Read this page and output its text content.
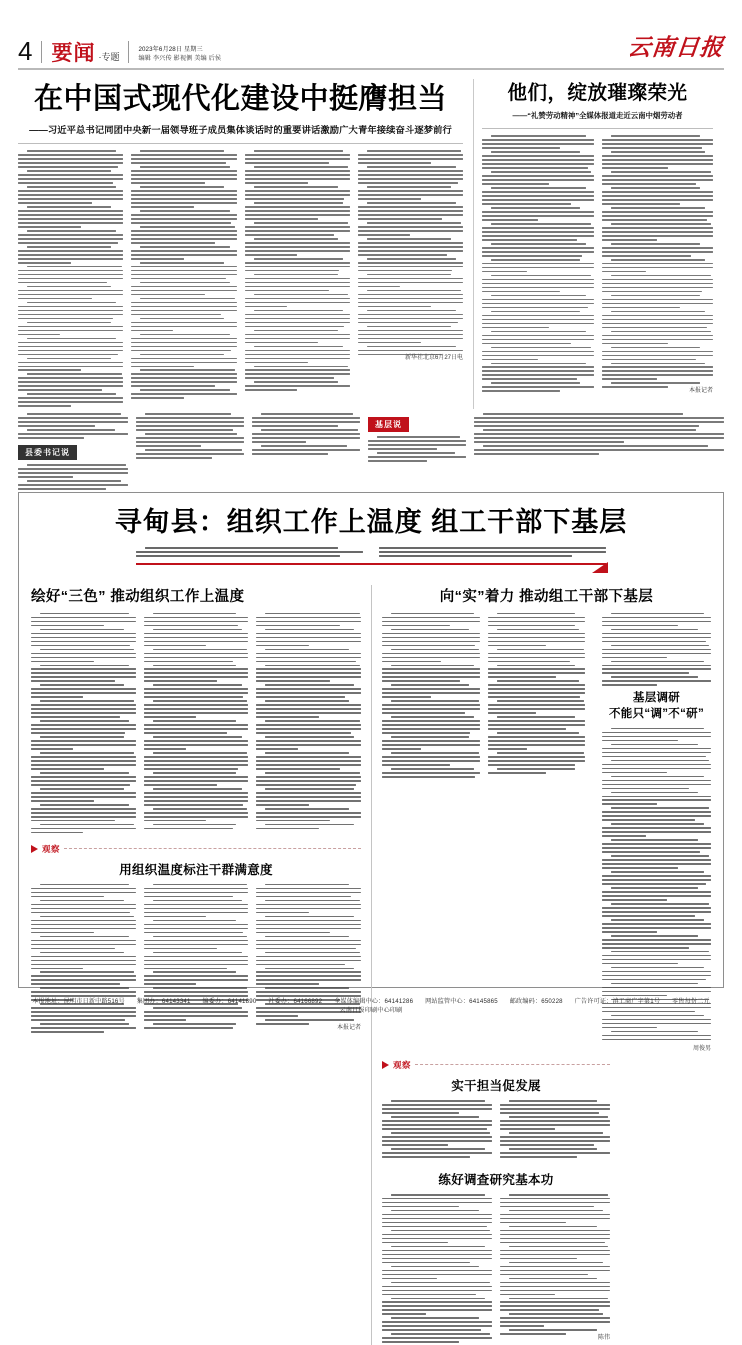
4 要闻 ·专题
2023年6月28日 星期三
编辑 李兴传 影视侧 美编 后侯	云南日报
在中国式现代化建设中挺膺担当
——习近平总书记同团中央新一届领导班子成员集体谈话时的重要讲话激励广大青年接续奋斗逐梦前行
新华社北京6月27日电
他们，绽放璀璨荣光
——“礼赞劳动精神”全媒体报道走近云南中烟劳动者
本报记者
县委书记说
基层说
寻甸县：组织工作上温度 组工干部下基层
绘好“三色” 推动组织工作上温度
观察
用组织温度标注干群满意度
本报记者
向“实”着力 推动组工干部下基层
基层调研
不能只“调”不“研”
周俊男
观察
实干担当促发展
练好调查研究基本功
陈伟
本报地址：昆明市日新中路516号 集团办：64143341 编委办：64141890 社委办：64166892 全媒体编辑中心：64141286 网站监管中心：64145865 邮政编码：650228 广告许可证：滇工商广字第1号 零售每份二元 云南日报印刷中心印刷
